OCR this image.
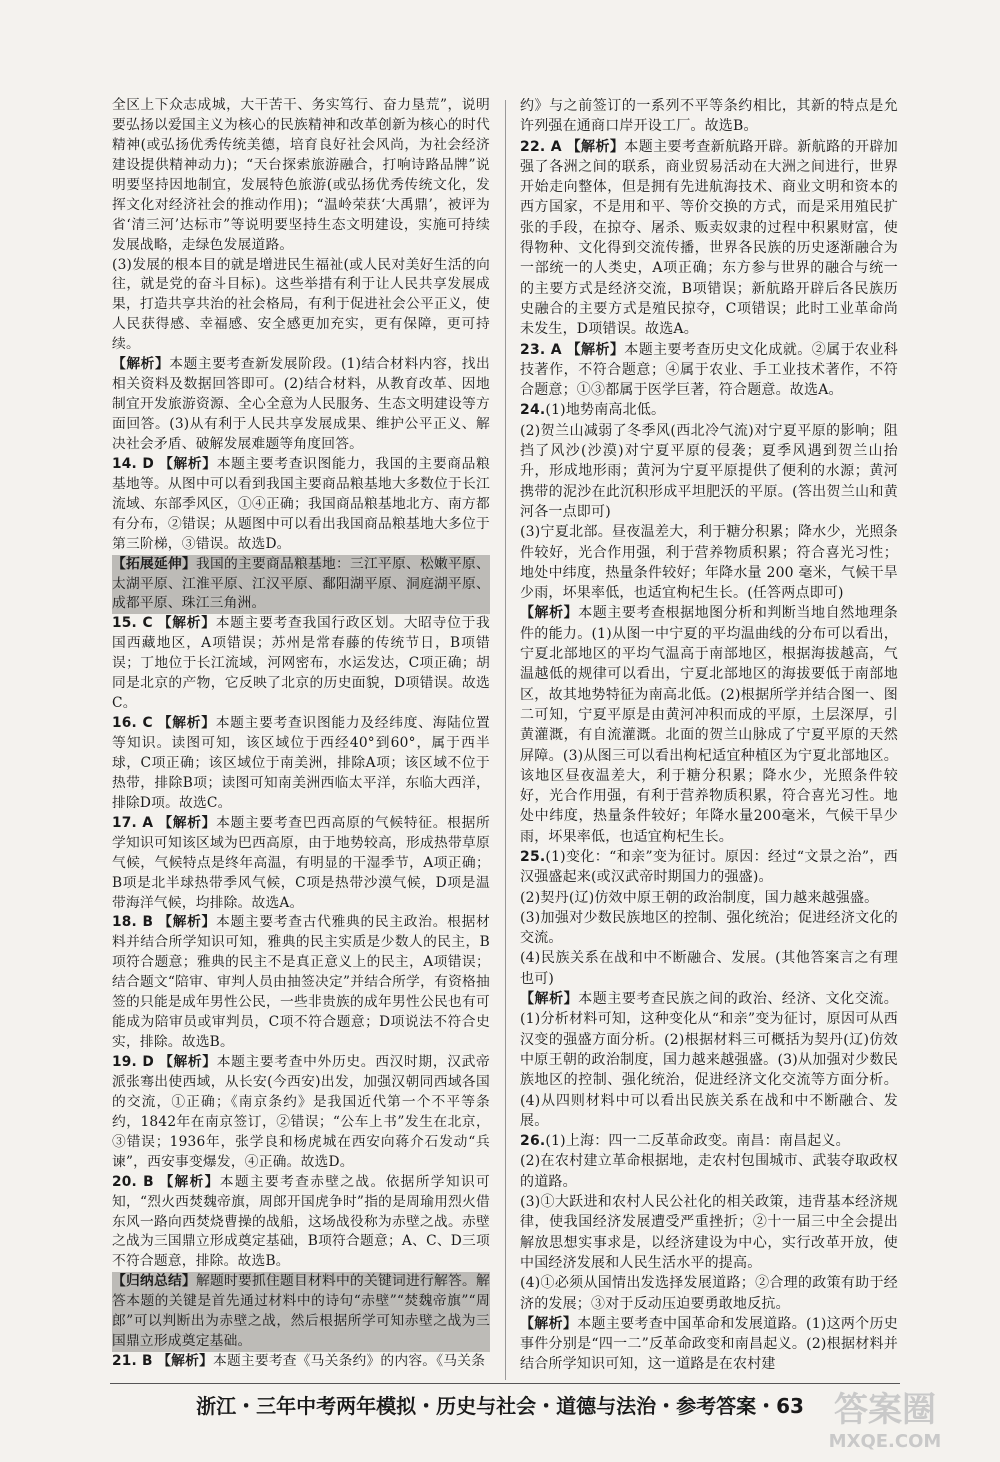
全区上下众志成城，大干苦干、务实笃行、奋力垦荒”，说明要弘扬以爱国主义为核心的民族精神和改革创新为核心的时代精神(或弘扬优秀传统美德，培育良好社会风尚，为社会经济建设提供精神动力)；“天台探索旅游融合，打响诗路品牌”说明要坚持因地制宜，发展特色旅游(或弘扬优秀传统文化，发挥文化对经济社会的推动作用)；“温岭荣获‘大禹鼎’，被评为省‘清三河’达标市”等说明要坚持生态文明建设，实施可持续发展战略，走绿色发展道路。

(3)发展的根本目的就是增进民生福祉(或人民对美好生活的向往，就是党的奋斗目标)。这些举措有利于让人民共享发展成果，打造共享共治的社会格局，有利于促进社会公平正义，使人民获得感、幸福感、安全感更加充实，更有保障，更可持续。

【解析】本题主要考查新发展阶段。(1)结合材料内容，找出相关资料及数据回答即可。(2)结合材料，从教育改革、因地制宜开发旅游资源、全心全意为人民服务、生态文明建设等方面回答。(3)从有利于人民共享发展成果、维护公平正义、解决社会矛盾、破解发展难题等角度回答。

14. D 【解析】本题主要考查识图能力，我国的主要商品粮基地等。从图中可以看到我国主要商品粮基地大多数位于长江流域、东部季风区，①④正确；我国商品粮基地北方、南方都有分布，②错误；从题图中可以看出我国商品粮基地大多位于第三阶梯，③错误。故选D。

【拓展延伸】我国的主要商品粮基地：三江平原、松嫩平原、太湖平原、江淮平原、江汉平原、鄱阳湖平原、洞庭湖平原、成都平原、珠江三角洲。

15. C 【解析】本题主要考查我国行政区划。大昭寺位于我国西藏地区，A项错误；苏州是常春藤的传统节日，B项错误；丁地位于长江流域，河网密布，水运发达，C项正确；胡同是北京的产物，它反映了北京的历史面貌，D项错误。故选C。

16. C 【解析】本题主要考查识图能力及经纬度、海陆位置等知识。读图可知，该区域位于西经40°到60°，属于西半球，C项正确；该区域位于南美洲，排除A项；该区域不位于热带，排除B项；读图可知南美洲西临太平洋，东临大西洋，排除D项。故选C。

17. A 【解析】本题主要考查巴西高原的气候特征。根据所学知识可知该区域为巴西高原，由于地势较高，形成热带草原气候，气候特点是终年高温，有明显的干湿季节，A项正确；B项是北半球热带季风气候，C项是热带沙漠气候，D项是温带海洋气候，均排除。故选A。

18. B 【解析】本题主要考查古代雅典的民主政治。根据材料并结合所学知识可知，雅典的民主实质是少数人的民主，B项符合题意；雅典的民主不是真正意义上的民主，A项错误；结合题文“陪审、审判人员由抽签决定”并结合所学，有资格抽签的只能是成年男性公民，一些非贵族的成年男性公民也有可能成为陪审员或审判员，C项不符合题意；D项说法不符合史实，排除。故选B。

19. D 【解析】本题主要考查中外历史。西汉时期，汉武帝派张骞出使西域，从长安(今西安)出发，加强汉朝同西域各国的交流，①正确；《南京条约》是我国近代第一个不平等条约，1842年在南京签订，②错误；“公车上书”发生在北京，③错误；1936年，张学良和杨虎城在西安向蒋介石发动“兵谏”，西安事变爆发，④正确。故选D。

20. B 【解析】本题主要考查赤壁之战。依据所学知识可知，“烈火西焚魏帝旗，周郎开国虎争时”指的是周瑜用烈火借东风一路向西焚烧曹操的战船，这场战役称为赤壁之战。赤壁之战为三国鼎立形成奠定基础，B项符合题意；A、C、D三项不符合题意，排除。故选B。

【归纳总结】解题时要抓住题目材料中的关键词进行解答。解答本题的关键是首先通过材料中的诗句“赤壁”“焚魏帝旗”“周郎”可以判断出为赤壁之战，然后根据所学可知赤壁之战为三国鼎立形成奠定基础。

21. B 【解析】本题主要考查《马关条约》的内容。《马关条

约》与之前签订的一系列不平等条约相比，其新的特点是允许列强在通商口岸开设工厂。故选B。

22. A 【解析】本题主要考查新航路开辟。新航路的开辟加强了各洲之间的联系，商业贸易活动在大洲之间进行，世界开始走向整体，但是拥有先进航海技术、商业文明和资本的西方国家，不是用和平、等价交换的方式，而是采用殖民扩张的手段，在掠夺、屠杀、贩卖奴隶的过程中积累财富，使得物种、文化得到交流传播，世界各民族的历史逐渐融合为一部统一的人类史，A项正确；东方参与世界的融合与统一的主要方式是经济交流，B项错误；新航路开辟后各民族历史融合的主要方式是殖民掠夺，C项错误；此时工业革命尚未发生，D项错误。故选A。

23. A 【解析】本题主要考查历史文化成就。②属于农业科技著作，不符合题意；④属于农业、手工业技术著作，不符合题意；①③都属于医学巨著，符合题意。故选A。

24.(1)地势南高北低。

(2)贺兰山减弱了冬季风(西北冷气流)对宁夏平原的影响；阻挡了风沙(沙漠)对宁夏平原的侵袭；夏季风遇到贺兰山抬升，形成地形雨；黄河为宁夏平原提供了便利的水源；黄河携带的泥沙在此沉积形成平坦肥沃的平原。(答出贺兰山和黄河各一点即可)

(3)宁夏北部。昼夜温差大，利于糖分积累；降水少，光照条件较好，光合作用强，利于营养物质积累；符合喜光习性；地处中纬度，热量条件较好；年降水量 200 毫米，气候干旱少雨，坏果率低，也适宜枸杞生长。(任答两点即可)

【解析】本题主要考查根据地图分析和判断当地自然地理条件的能力。(1)从图一中宁夏的平均温曲线的分布可以看出，宁夏北部地区的平均气温高于南部地区，根据海拔越高，气温越低的规律可以看出，宁夏北部地区的海拔要低于南部地区，故其地势特征为南高北低。(2)根据所学并结合图一、图二可知，宁夏平原是由黄河冲积而成的平原，土层深厚，引黄灌溉，有自流灌溉。北面的贺兰山脉成了宁夏平原的天然屏障。(3)从图三可以看出枸杞适宜种植区为宁夏北部地区。该地区昼夜温差大，利于糖分积累；降水少，光照条件较好，光合作用强，有利于营养物质积累，符合喜光习性。地处中纬度，热量条件较好；年降水量200毫米，气候干旱少雨，坏果率低，也适宜枸杞生长。

25.(1)变化：“和亲”变为征讨。原因：经过“文景之治”，西汉强盛起来(或汉武帝时期国力的强盛)。

(2)契丹(辽)仿效中原王朝的政治制度，国力越来越强盛。

(3)加强对少数民族地区的控制、强化统治；促进经济文化的交流。

(4)民族关系在战和中不断融合、发展。(其他答案言之有理也可)

【解析】本题主要考查民族之间的政治、经济、文化交流。(1)分析材料可知，这种变化从“和亲”变为征讨，原因可从西汉变的强盛方面分析。(2)根据材料三可概括为契丹(辽)仿效中原王朝的政治制度，国力越来越强盛。(3)从加强对少数民族地区的控制、强化统治，促进经济文化交流等方面分析。(4)从四则材料中可以看出民族关系在战和中不断融合、发展。

26.(1)上海：四一二反革命政变。南昌：南昌起义。

(2)在农村建立革命根据地，走农村包围城市、武装夺取政权的道路。

(3)①大跃进和农村人民公社化的相关政策，违背基本经济规律，使我国经济发展遭受严重挫折；②十一届三中全会提出解放思想实事求是，以经济建设为中心，实行改革开放，使中国经济发展和人民生活水平的提高。

(4)①必须从国情出发选择发展道路；②合理的政策有助于经济的发展；③对于反动压迫要勇敢地反抗。

【解析】本题主要考查中国革命和发展道路。(1)这两个历史事件分别是“四一二”反革命政变和南昌起义。(2)根据材料并结合所学知识可知，这一道路是在农村建

浙江・三年中考两年模拟・历史与社会・道德与法治・参考答案・63 答案圈
MXQE.COM
